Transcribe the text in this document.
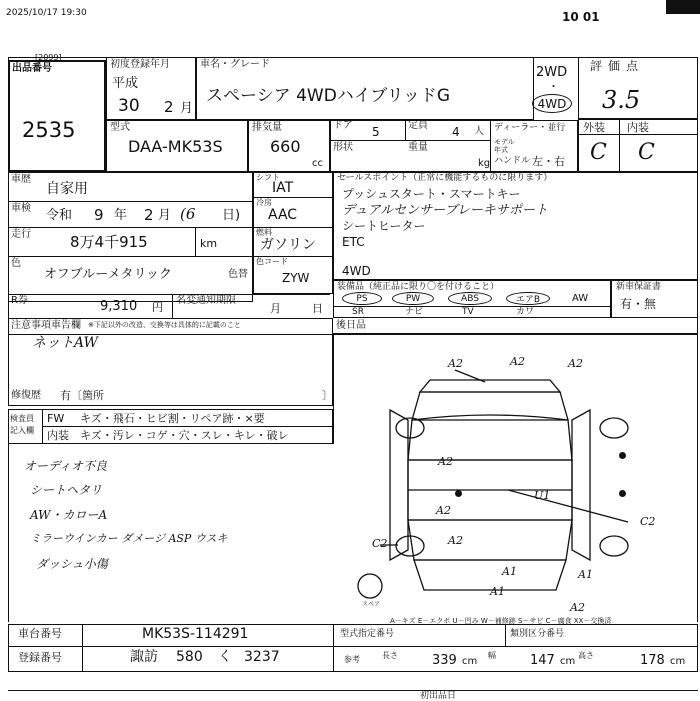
2025/10/17 19:30	10 01
出品番号
[2099]
2535
初度登録年月
平成
30 2 月
車名・グレード
スペーシア 4WDハイブリッドG
2WD
・
4WD
評価点
3.5
外装 内装
C C
型式
DAA-MK53S
排気量
660
cc
ドア 5	定員 4 人
形状	重量
kg
ディーラー・並行
モデル 年式
ハンドル 左・右
車歴
自家用
車検 令和 9 年 2 月 (6 日)
走行	8万4千915	km
色
オフブルーメタリック	色替
R券	9,310 円
名変通知期限
月	日
シフト
IAT
冷房
AAC
燃料
ガソリン
色コード
ZYW
セールスポイント（正常に機能するものに限ります）
プッシュスタート・スマートキー
デュアルセンサーブレーキサポート
シートヒーター
ETC
4WD
装備品（純正品に限り〇を付けること）
PS	PW	ABS	エアB	AW
SR	ナビ	TV	カワ
新車保証書
有・無
注意事項車告欄 ※下記以外の改造、交換等は具体的に記載のこと
ネットAW
修復歴 有〔箇所	〕
後日品
検査員 記入欄
FW キズ・飛石・ヒビ割・リペア跡・×要
内装 キズ・汚レ・コゲ・穴・スレ・キレ・破レ
オーディオ不良
シートヘタリ
AW・カローA
ミラーウインカー ダメージ ASP ウスキ
ダッシュ小傷
A2	A2	A2
A2
A2
A2
U1
C2
A1	A1
A1
A2
C2
スペア
A－キズ E－エクボ U－凹み W－補修跡 S－サビ C－腐食 XX－交換済
車台番号	MK53S-114291
登録番号	諏訪 580 く 3237
型式指定番号	類別区分番号
参考	長さ	339 cm
幅	147 cm
高さ	178 cm
初出品日
